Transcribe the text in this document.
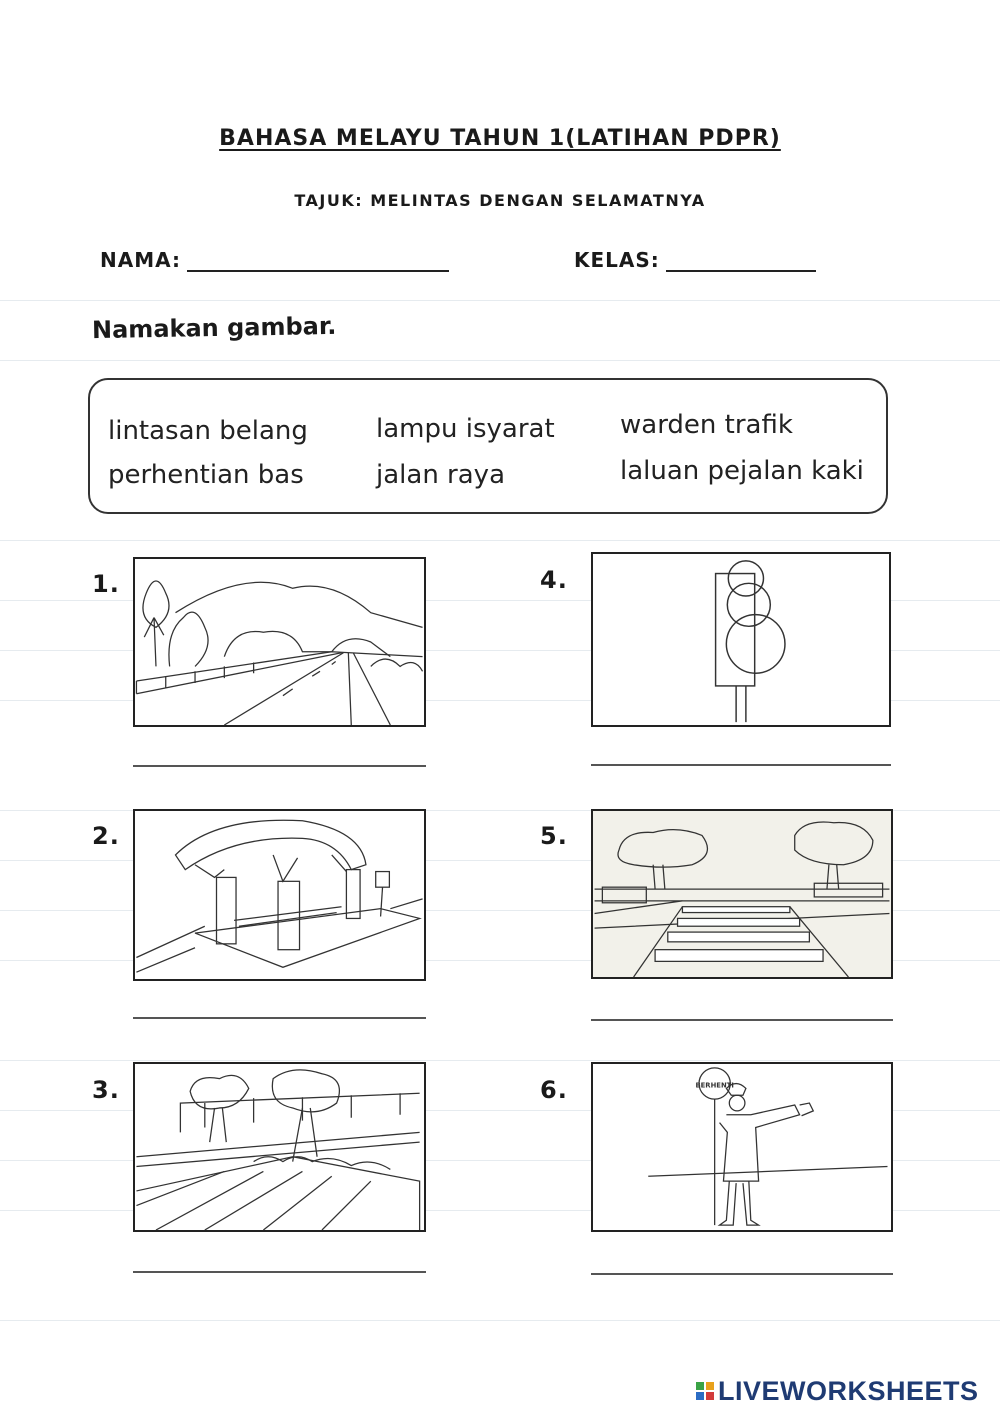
BAHASA MELAYU TAHUN 1(LATIHAN PDPR)
TAJUK: MELINTAS DENGAN SELAMATNYA
NAMA:	KELAS:
Namakan gambar.
lintasan belang	lampu isyarat	warden trafik
perhentian bas	jalan raya	laluan pejalan kaki
1.
2.
3.
4.
5.
6.	BERHENTI
LIVEWORKSHEETS
